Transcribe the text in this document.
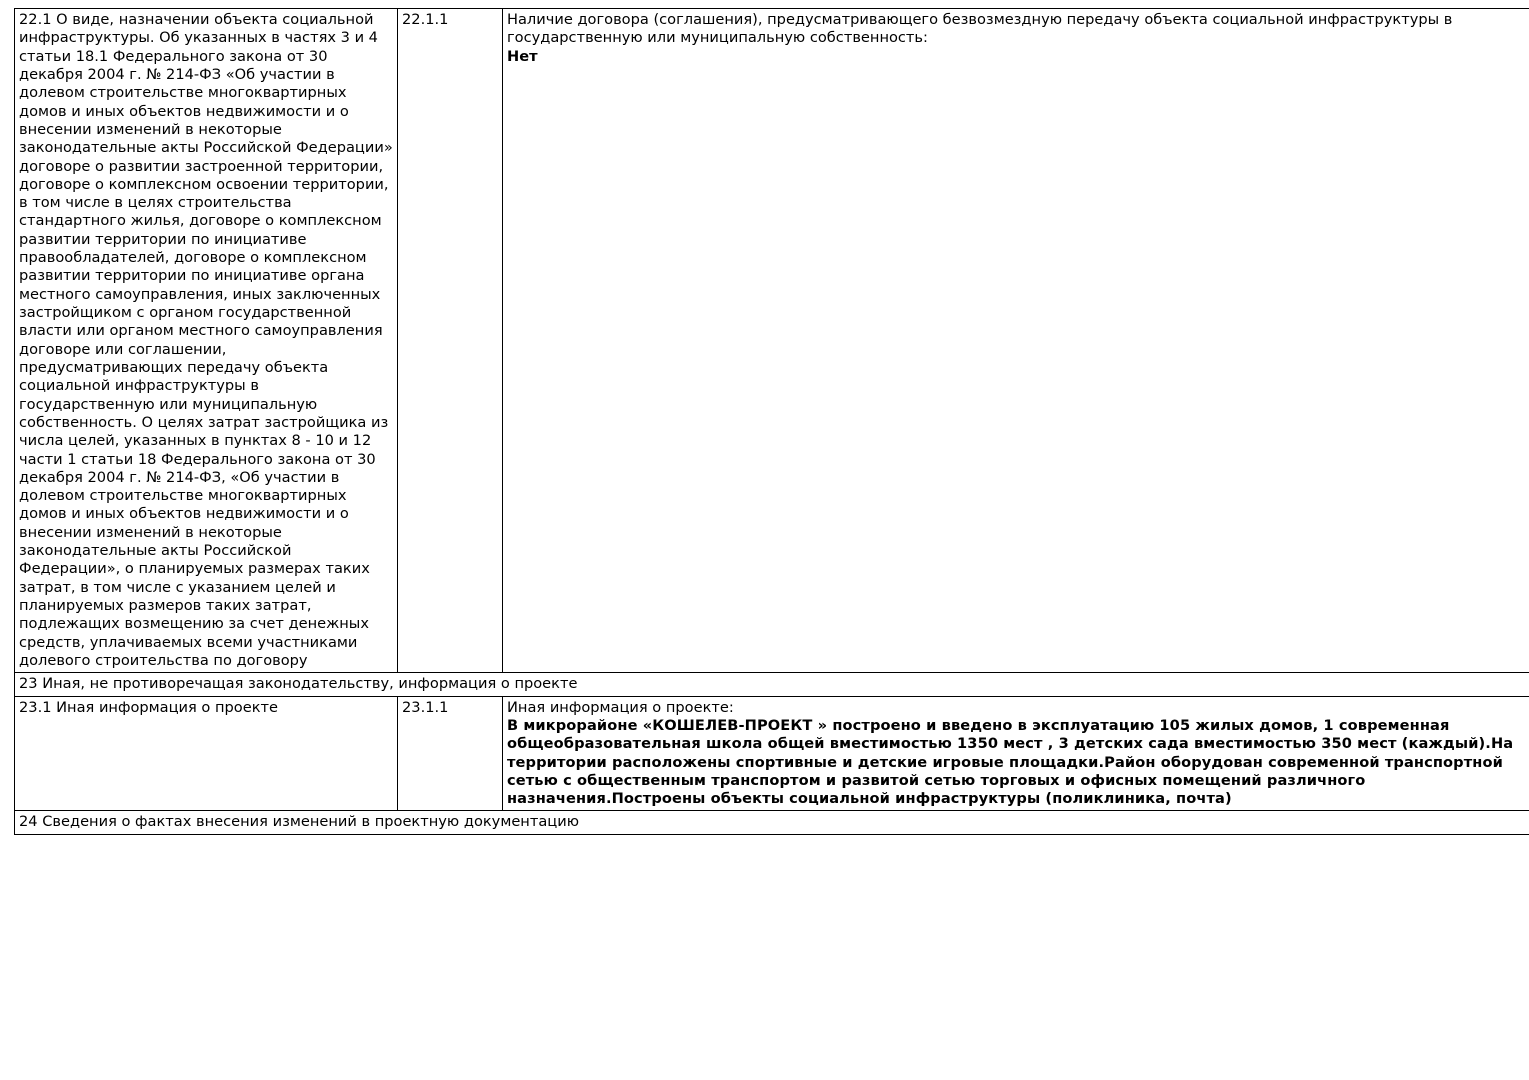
22.1 О виде, назначении объекта социальной инфраструктуры. Об указанных в частях 3 и 4 статьи 18.1 Федерального закона от 30 декабря 2004 г. № 214-ФЗ «Об участии в долевом строительстве многоквартирных домов и иных объектов недвижимости и о внесении изменений в некоторые законодательные акты Российской Федерации» договоре о развитии застроенной территории, договоре о комплексном освоении территории, в том числе в целях строительства стандартного жилья, договоре о комплексном развитии территории по инициативе правообладателей, договоре о комплексном развитии территории по инициативе органа местного самоуправления, иных заключенных застройщиком с органом государственной власти или органом местного самоуправления договоре или соглашении, предусматривающих передачу объекта социальной инфраструктуры в государственную или муниципальную собственность. О целях затрат застройщика из числа целей, указанных в пунктах 8 - 10 и 12 части 1 статьи 18 Федерального закона от 30 декабря 2004 г. № 214-ФЗ, «Об участии в долевом строительстве многоквартирных домов и иных объектов недвижимости и о внесении изменений в некоторые законодательные акты Российской Федерации», о планируемых размерах таких затрат, в том числе с указанием целей и планируемых размеров таких затрат, подлежащих возмещению за счет денежных средств, уплачиваемых всеми участниками долевого строительства по договору	22.1.1	Наличие договора (соглашения), предусматривающего безвозмездную передачу объекта социальной инфраструктуры в государственную или муниципальную собственность:
Нет

23 Иная, не противоречащая законодательству, информация о проекте		
23.1 Иная информация о проекте	23.1.1	Иная информация о проекте:
В микрорайоне «КОШЕЛЕВ-ПРОЕКТ » построено и введено в эксплуатацию 105 жилых домов, 1 современная общеобразовательная школа общей вместимостью 1350 мест , 3 детских сада вместимостью 350 мест (каждый).На территории расположены спортивные и детские игровые площадки.Район оборудован современной транспортной сетью с общественным транспортом и развитой сетью торговых и офисных помещений различного назначения.Построены объекты социальной инфраструктуры (поликлиника, почта)

24 Сведения о фактах внесения изменений в проектную документацию		
